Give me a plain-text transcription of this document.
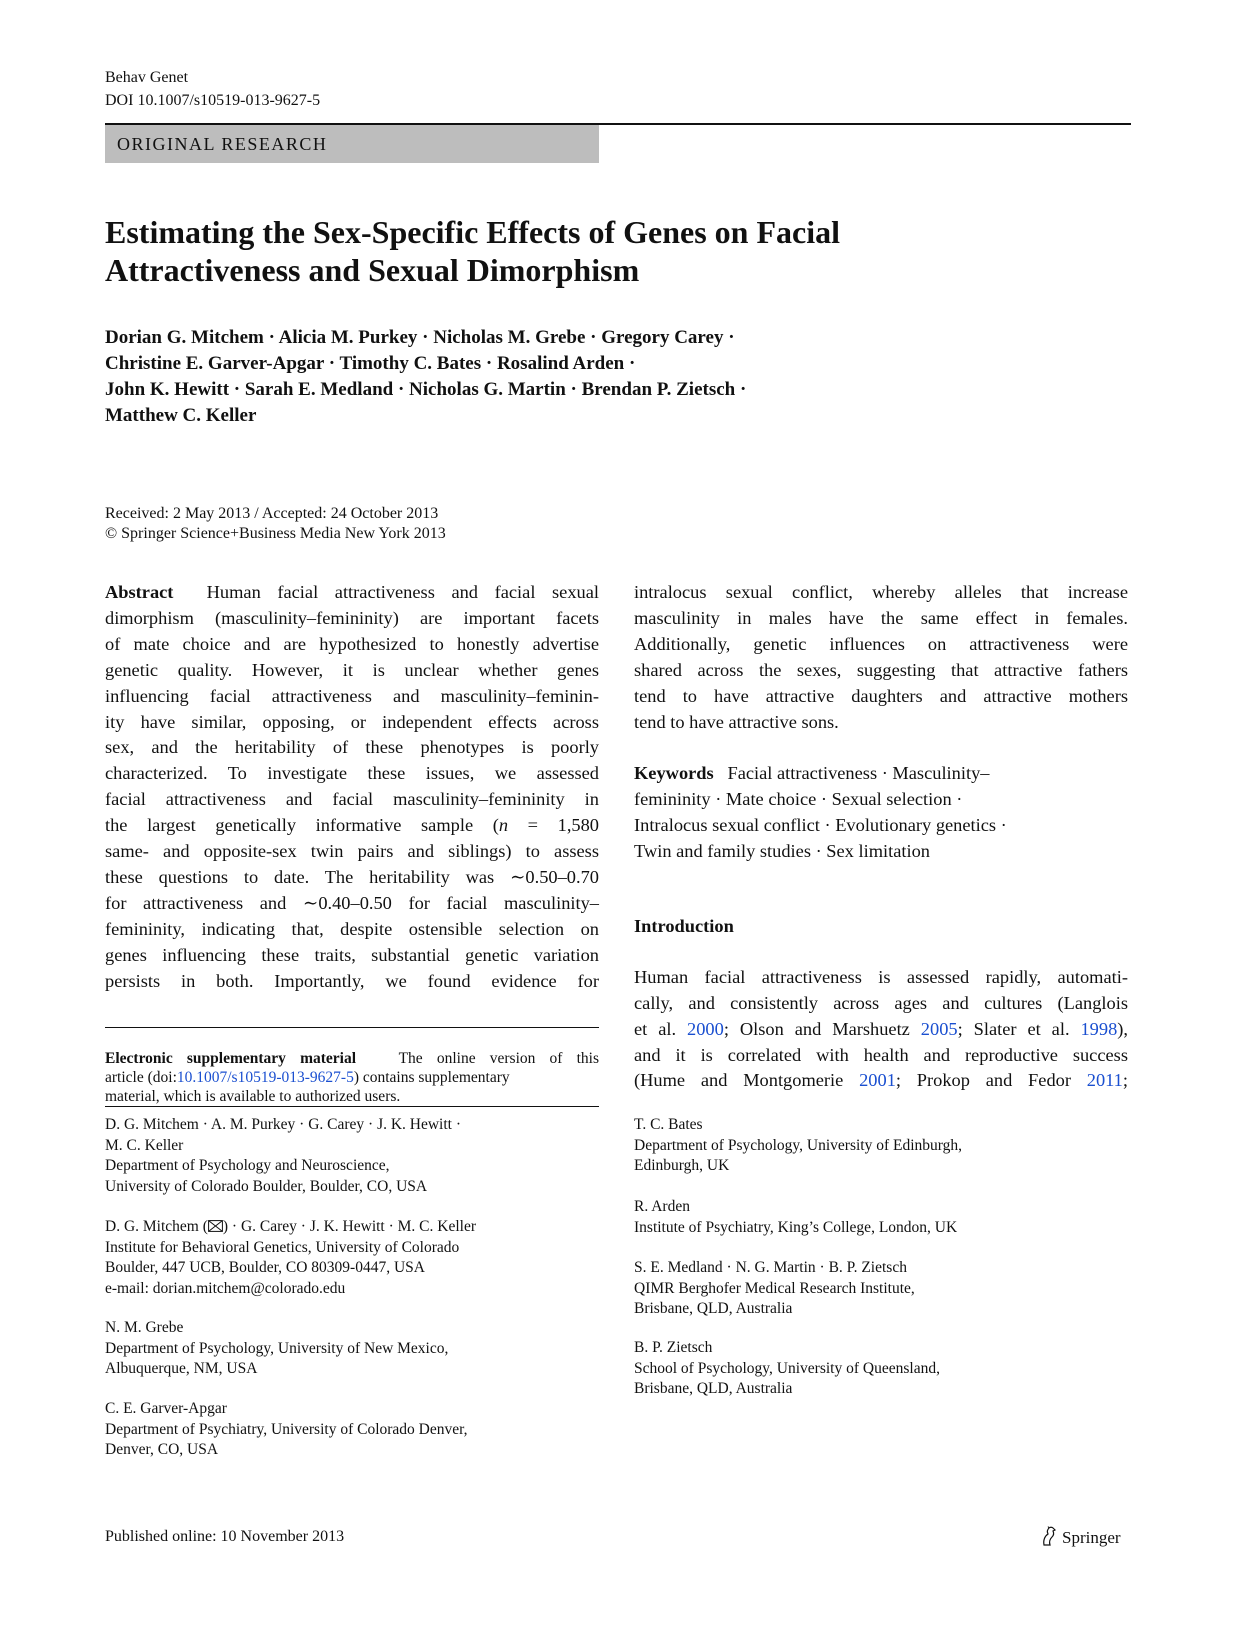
Behav Genet
DOI 10.1007/s10519-013-9627-5
ORIGINAL RESEARCH
Estimating the Sex-Specific Effects of Genes on Facial
Attractiveness and Sexual Dimorphism
Dorian G. Mitchem · Alicia M. Purkey · Nicholas M. Grebe · Gregory Carey ·
Christine E. Garver-Apgar · Timothy C. Bates · Rosalind Arden ·
John K. Hewitt · Sarah E. Medland · Nicholas G. Martin · Brendan P. Zietsch ·
Matthew C. Keller
Received: 2 May 2013 / Accepted: 24 October 2013
© Springer Science+Business Media New York 2013
Abstract Human facial attractiveness and facial sexual
dimorphism (masculinity–femininity) are important facets
of mate choice and are hypothesized to honestly advertise
genetic quality. However, it is unclear whether genes
influencing facial attractiveness and masculinity–feminin-
ity have similar, opposing, or independent effects across
sex, and the heritability of these phenotypes is poorly
characterized. To investigate these issues, we assessed
facial attractiveness and facial masculinity–femininity in
the largest genetically informative sample (n = 1,580
same- and opposite-sex twin pairs and siblings) to assess
these questions to date. The heritability was ∼0.50–0.70
for attractiveness and ∼0.40–0.50 for facial masculinity–
femininity, indicating that, despite ostensible selection on
genes influencing these traits, substantial genetic variation
persists in both. Importantly, we found evidence for
intralocus sexual conflict, whereby alleles that increase
masculinity in males have the same effect in females.
Additionally, genetic influences on attractiveness were
shared across the sexes, suggesting that attractive fathers
tend to have attractive daughters and attractive mothers
tend to have attractive sons.
Keywords Facial attractiveness · Masculinity–
femininity · Mate choice · Sexual selection ·
Intralocus sexual conflict · Evolutionary genetics ·
Twin and family studies · Sex limitation
Introduction
Human facial attractiveness is assessed rapidly, automati-
cally, and consistently across ages and cultures (Langlois
et al. 2000; Olson and Marshuetz 2005; Slater et al. 1998),
and it is correlated with health and reproductive success
(Hume and Montgomerie 2001; Prokop and Fedor 2011;
Electronic supplementary material	The online version of this
article (doi:10.1007/s10519-013-9627-5) contains supplementary
material, which is available to authorized users.
D. G. Mitchem · A. M. Purkey · G. Carey · J. K. Hewitt ·
M. C. Keller
Department of Psychology and Neuroscience,
University of Colorado Boulder, Boulder, CO, USA
D. G. Mitchem ( ) · G. Carey · J. K. Hewitt · M. C. Keller
Institute for Behavioral Genetics, University of Colorado
Boulder, 447 UCB, Boulder, CO 80309-0447, USA
e-mail: dorian.mitchem@colorado.edu
N. M. Grebe
Department of Psychology, University of New Mexico,
Albuquerque, NM, USA
C. E. Garver-Apgar
Department of Psychiatry, University of Colorado Denver,
Denver, CO, USA
T. C. Bates
Department of Psychology, University of Edinburgh,
Edinburgh, UK
R. Arden
Institute of Psychiatry, King’s College, London, UK
S. E. Medland · N. G. Martin · B. P. Zietsch
QIMR Berghofer Medical Research Institute,
Brisbane, QLD, Australia
B. P. Zietsch
School of Psychology, University of Queensland,
Brisbane, QLD, Australia
Published online: 10 November 2013	Springer
